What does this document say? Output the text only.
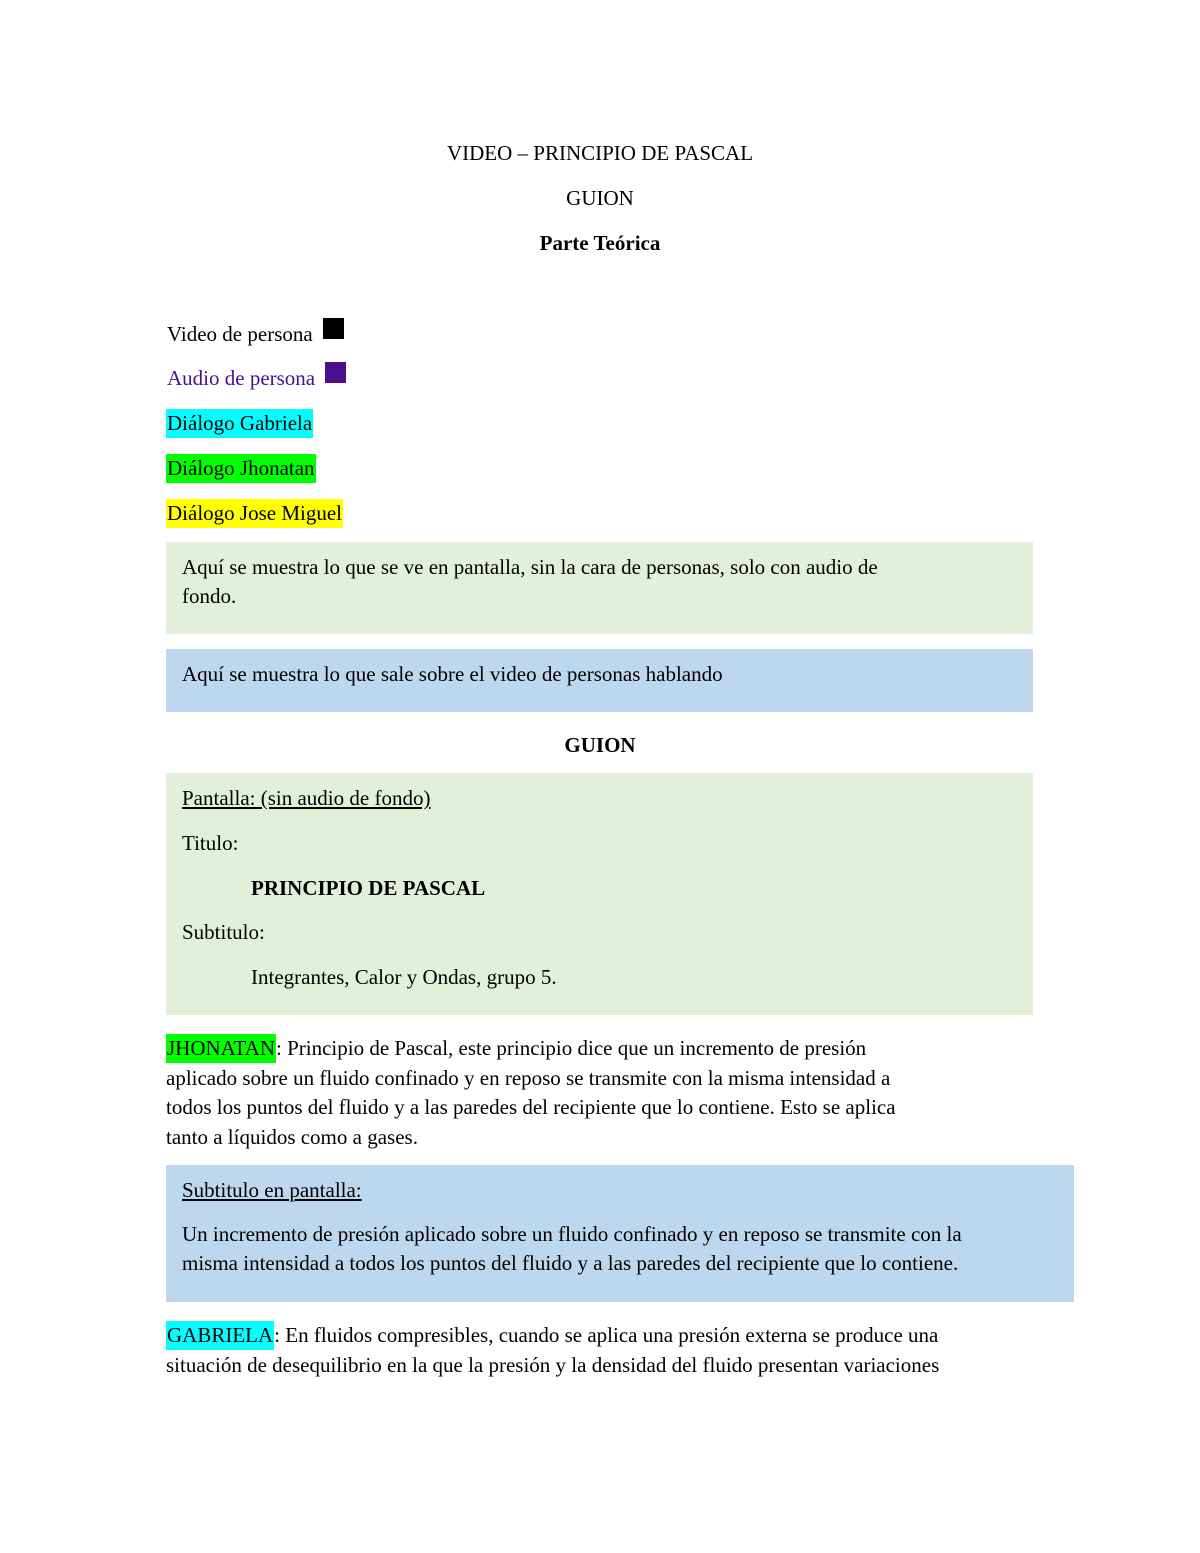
VIDEO – PRINCIPIO DE PASCAL
GUION
Parte Teórica
Video de persona
Audio de persona
Diálogo Gabriela
Diálogo Jhonatan
Diálogo Jose Miguel
Aquí se muestra lo que se ve en pantalla, sin la cara de personas, solo con audio de
fondo.
Aquí se muestra lo que sale sobre el video de personas hablando
GUION
Pantalla: (sin audio de fondo)
Titulo:
PRINCIPIO DE PASCAL
Subtitulo:
Integrantes, Calor y Ondas, grupo 5.
JHONATAN: Principio de Pascal, este principio dice que un incremento de presión
aplicado sobre un fluido confinado y en reposo se transmite con la misma intensidad a
todos los puntos del fluido y a las paredes del recipiente que lo contiene. Esto se aplica
tanto a líquidos como a gases.
Subtitulo en pantalla:
Un incremento de presión aplicado sobre un fluido confinado y en reposo se transmite con la
misma intensidad a todos los puntos del fluido y a las paredes del recipiente que lo contiene.
GABRIELA: En fluidos compresibles, cuando se aplica una presión externa se produce una
situación de desequilibrio en la que la presión y la densidad del fluido presentan variaciones
